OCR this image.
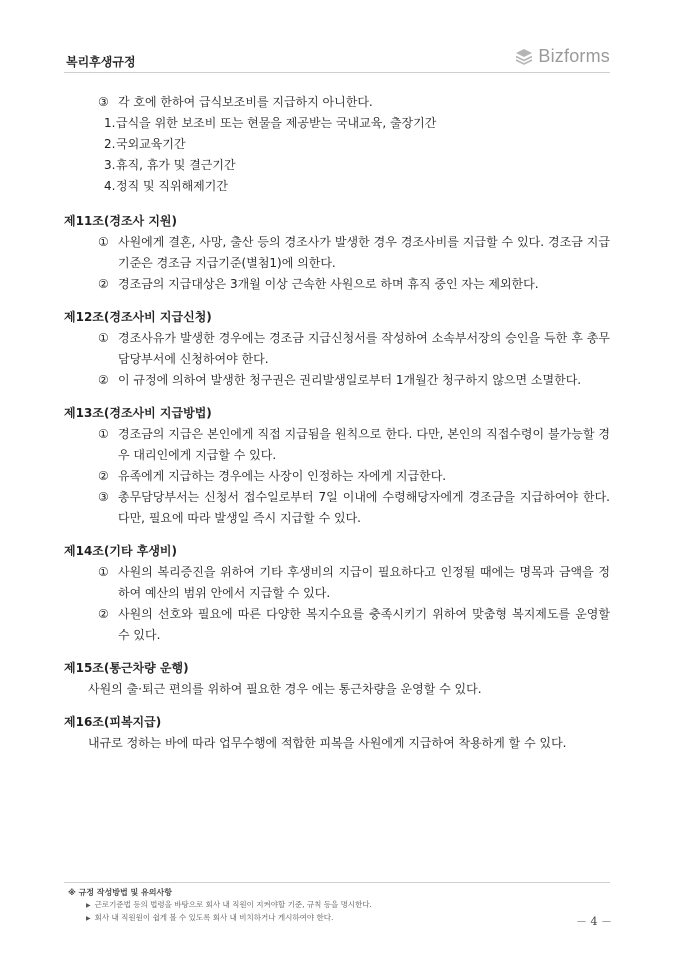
복리후생규정	Bizforms
③ 각 호에 한하여 급식보조비를 지급하지 아니한다.
1. 급식을 위한 보조비 또는 현물을 제공받는 국내교육, 출장기간
2. 국외교육기간
3. 휴직, 휴가 및 결근기간
4. 정직 및 직위해제기간
제11조(경조사 지원)
① 사원에게 결혼, 사망, 출산 등의 경조사가 발생한 경우 경조사비를 지급할 수 있다. 경조금 지급기준은 경조금 지급기준(별첨1)에 의한다.
② 경조금의 지급대상은 3개월 이상 근속한 사원으로 하며 휴직 중인 자는 제외한다.
제12조(경조사비 지급신청)
① 경조사유가 발생한 경우에는 경조금 지급신청서를 작성하여 소속부서장의 승인을 득한 후 총무담당부서에 신청하여야 한다.
② 이 규정에 의하여 발생한 청구권은 권리발생일로부터 1개월간 청구하지 않으면 소멸한다.
제13조(경조사비 지급방법)
① 경조금의 지급은 본인에게 직접 지급됨을 원칙으로 한다. 다만, 본인의 직접수령이 불가능할 경우 대리인에게 지급할 수 있다.
② 유족에게 지급하는 경우에는 사장이 인정하는 자에게 지급한다.
③ 총무담당부서는 신청서 접수일로부터 7일 이내에 수령해당자에게 경조금을 지급하여야 한다. 다만, 필요에 따라 발생일 즉시 지급할 수 있다.
제14조(기타 후생비)
① 사원의 복리증진을 위하여 기타 후생비의 지급이 필요하다고 인정될 때에는 명목과 금액을 정하여 예산의 범위 안에서 지급할 수 있다.
② 사원의 선호와 필요에 따른 다양한 복지수요를 충족시키기 위하여 맞춤형 복지제도를 운영할 수 있다.
제15조(통근차량 운행)
사원의 출·퇴근 편의를 위하여 필요한 경우 에는 통근차량을 운영할 수 있다.
제16조(피복지급)
내규로 정하는 바에 따라 업무수행에 적합한 피복을 사원에게 지급하여 착용하게 할 수 있다.
※ 규정 작성방법 및 유의사항
▶ 근로기준법 등의 법령을 바탕으로 회사 내 직원이 지켜야할 기준, 규칙 등을 명시한다.
▶ 회사 내 직원원이 쉽게 볼 수 있도록 회사 내 비치하거나 게시하여야 한다.	－ 4 －
